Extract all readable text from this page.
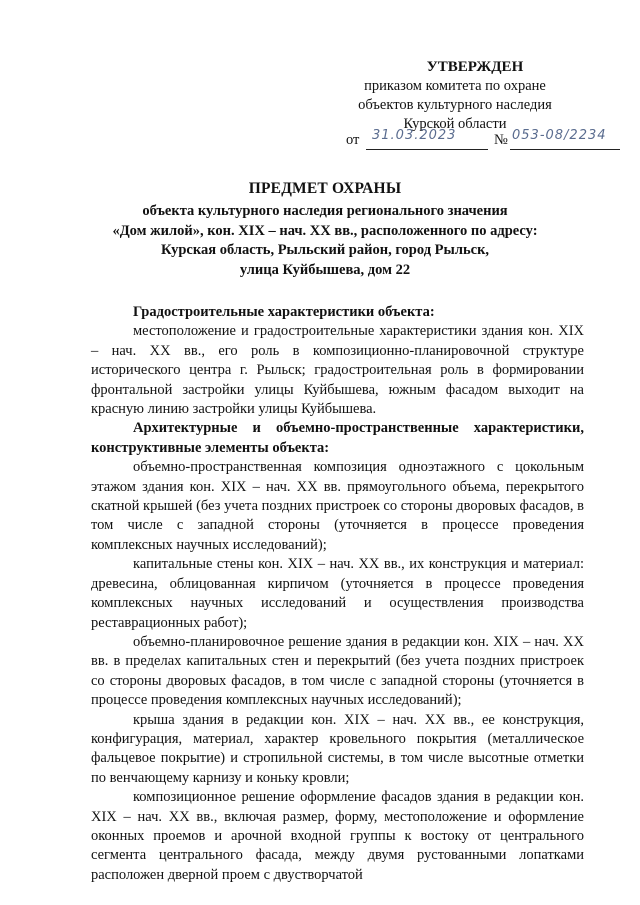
УТВЕРЖДЕН
приказом комитета по охране
объектов культурного наследия
Курской области
от 31.03.2023	№ 053-08/2234
ПРЕДМЕТ ОХРАНЫ
объекта культурного наследия регионального значения
«Дом жилой», кон. XIX – нач. XX вв., расположенного по адресу:
Курская область, Рыльский район, город Рыльск,
улица Куйбышева, дом 22

Градостроительные характеристики объекта:

местоположение и градостроительные характеристики здания кон. XIX – нач. XX вв., его роль в композиционно-планировочной структуре исторического центра г. Рыльск; градостроительная роль в формировании фронтальной застройки улицы Куйбышева, южным фасадом выходит на красную линию застройки улицы Куйбышева.

Архитектурные и объемно-пространственные характеристики, конструктивные элементы объекта:

объемно-пространственная композиция одноэтажного с цокольным этажом здания кон. XIX – нач. XX вв. прямоугольного объема, перекрытого скатной крышей (без учета поздних пристроек со стороны дворовых фасадов, в том числе с западной стороны (уточняется в процессе проведения комплексных научных исследований);

капитальные стены кон. XIX – нач. XX вв., их конструкция и материал: древесина, облицованная кирпичом (уточняется в процессе проведения комплексных научных исследований и осуществления производства реставрационных работ);

объемно-планировочное решение здания в редакции кон. XIX – нач. XX вв. в пределах капитальных стен и перекрытий (без учета поздних пристроек со стороны дворовых фасадов, в том числе с западной стороны (уточняется в процессе проведения комплексных научных исследований);

крыша здания в редакции кон. XIX – нач. XX вв., ее конструкция, конфигурация, материал, характер кровельного покрытия (металлическое фальцевое покрытие) и стропильной системы, в том числе высотные отметки по венчающему карнизу и коньку кровли;

композиционное решение оформление фасадов здания в редакции кон. XIX – нач. XX вв., включая размер, форму, местоположение и оформление оконных проемов и арочной входной группы к востоку от центрального сегмента центрального фасада, между двумя рустованными лопатками расположен дверной проем с двустворчатой
